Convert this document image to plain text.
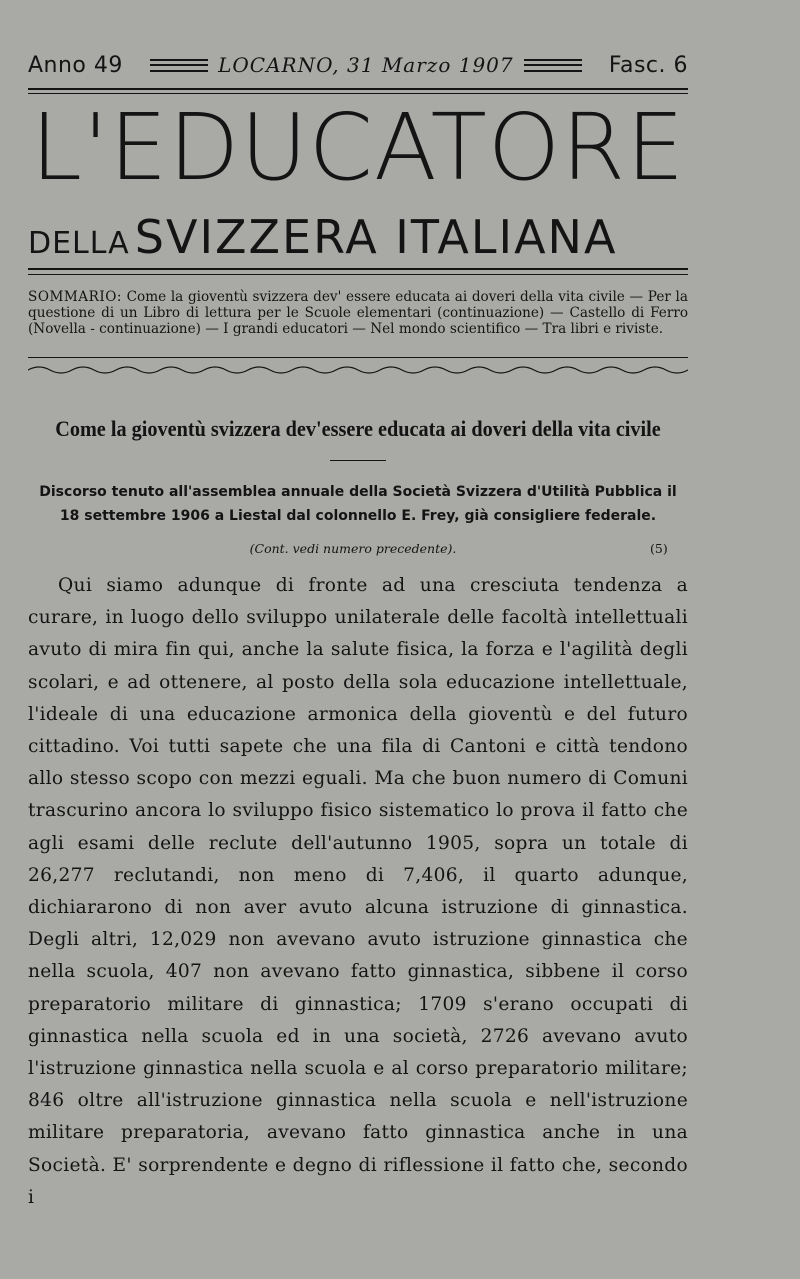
Anno 49	LOCARNO, 31 Marzo 1907	Fasc. 6
L'EDUCATORE
DELLA SVIZZERA ITALIANA
SOMMARIO: Come la gioventù svizzera dev' essere educata ai doveri della vita civile — Per la questione di un Libro di lettura per le Scuole elementari (continuazione) — Castello di Ferro (Novella - continuazione) — I grandi educatori — Nel mondo scientifico — Tra libri e riviste.
Come la gioventù svizzera dev'essere educata ai doveri della vita civile
Discorso tenuto all'assemblea annuale della Società Svizzera d'Utilità Pubblica il 18 settembre 1906 a Liestal dal colonnello E. Frey, già consigliere federale.
(Cont. vedi numero precedente).	(5)
Qui siamo adunque di fronte ad una cresciuta tendenza a curare, in luogo dello sviluppo unilaterale delle facoltà intellettuali avuto di mira fin qui, anche la salute fisica, la forza e l'agilità degli scolari, e ad ottenere, al posto della sola educazione intellettuale, l'ideale di una educazione armonica della gioventù e del futuro cittadino. Voi tutti sapete che una fila di Cantoni e città tendono allo stesso scopo con mezzi eguali. Ma che buon numero di Comuni trascurino ancora lo sviluppo fisico sistematico lo prova il fatto che agli esami delle reclute dell'autunno 1905, sopra un totale di 26,277 reclutandi, non meno di 7,406, il quarto adunque, dichiararono di non aver avuto alcuna istruzione di ginnastica. Degli altri, 12,029 non avevano avuto istruzione ginnastica che nella scuola, 407 non avevano fatto ginnastica, sibbene il corso preparatorio militare di ginnastica; 1709 s'erano occupati di ginnastica nella scuola ed in una società, 2726 avevano avuto l'istruzione ginnastica nella scuola e al corso preparatorio militare; 846 oltre all'istruzione ginnastica nella scuola e nell'istruzione militare preparatoria, avevano fatto ginnastica anche in una Società. E' sorprendente e degno di riflessione il fatto che, secondo i
